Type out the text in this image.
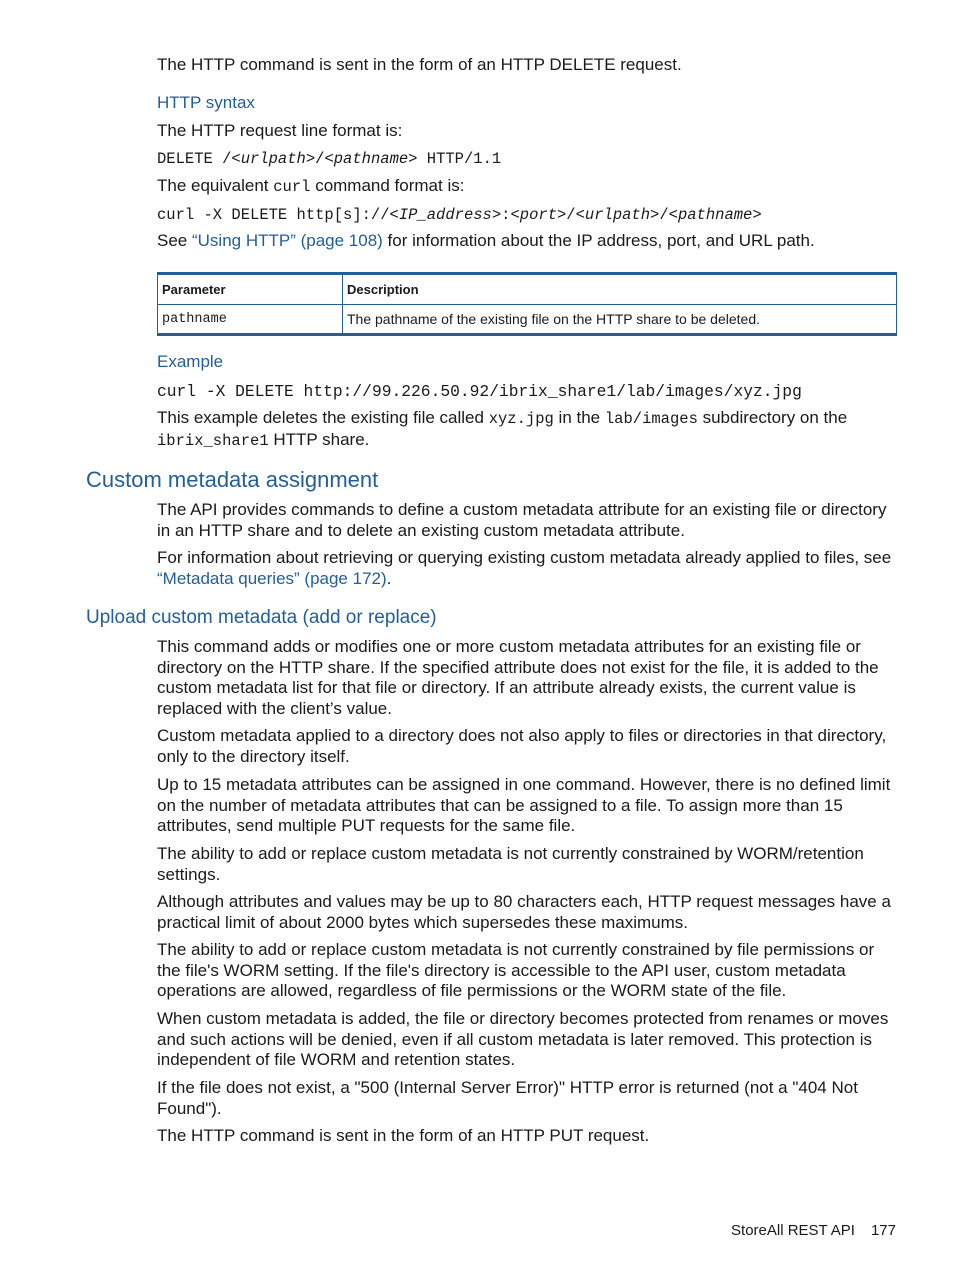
The HTTP command is sent in the form of an HTTP DELETE request.

HTTP syntax

The HTTP request line format is:

DELETE /<urlpath>/<pathname> HTTP/1.1

The equivalent curl command format is:

curl -X DELETE http[s]://<IP_address>:<port>/<urlpath>/<pathname>

See “Using HTTP” (page 108) for information about the IP address, port, and URL path.

Parameter	Description
pathname	The pathname of the existing file on the HTTP share to be deleted.

Example

curl -X DELETE http://99.226.50.92/ibrix_share1/lab/images/xyz.jpg

This example deletes the existing file called xyz.jpg in the lab/images subdirectory on the ibrix_share1 HTTP share.

Custom metadata assignment

The API provides commands to define a custom metadata attribute for an existing file or directory in an HTTP share and to delete an existing custom metadata attribute.

For information about retrieving or querying existing custom metadata already applied to files, see “Metadata queries” (page 172).

Upload custom metadata (add or replace)

This command adds or modifies one or more custom metadata attributes for an existing file or directory on the HTTP share. If the specified attribute does not exist for the file, it is added to the custom metadata list for that file or directory. If an attribute already exists, the current value is replaced with the client’s value.

Custom metadata applied to a directory does not also apply to files or directories in that directory, only to the directory itself.

Up to 15 metadata attributes can be assigned in one command. However, there is no defined limit on the number of metadata attributes that can be assigned to a file. To assign more than 15 attributes, send multiple PUT requests for the same file.

The ability to add or replace custom metadata is not currently constrained by WORM/retention settings.

Although attributes and values may be up to 80 characters each, HTTP request messages have a practical limit of about 2000 bytes which supersedes these maximums.

The ability to add or replace custom metadata is not currently constrained by file permissions or the file's WORM setting. If the file's directory is accessible to the API user, custom metadata operations are allowed, regardless of file permissions or the WORM state of the file.

When custom metadata is added, the file or directory becomes protected from renames or moves and such actions will be denied, even if all custom metadata is later removed. This protection is independent of file WORM and retention states.

If the file does not exist, a "500 (Internal Server Error)" HTTP error is returned (not a "404 Not Found").

The HTTP command is sent in the form of an HTTP PUT request.

StoreAll REST API 177
